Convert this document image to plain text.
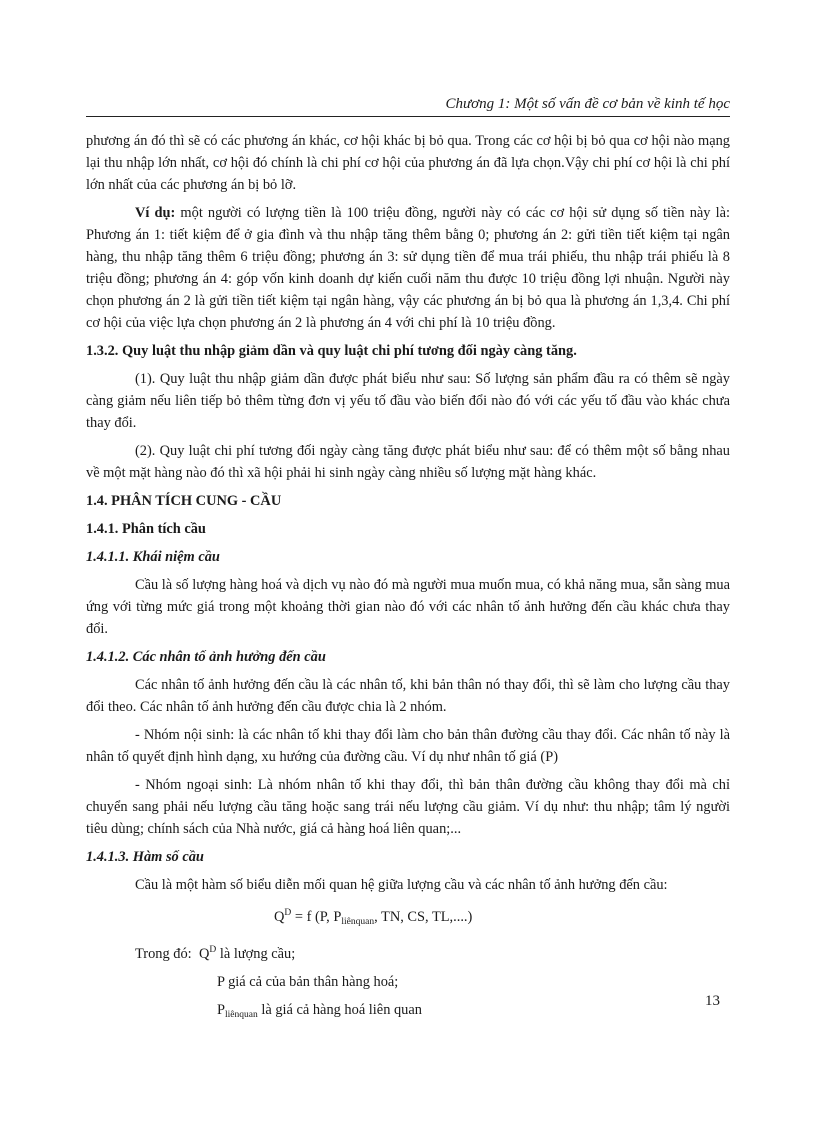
Chương 1: Một số vấn đề cơ bản về kinh tế học

phương án đó thì sẽ có các phương án khác, cơ hội khác bị bỏ qua. Trong các cơ hội bị bỏ qua cơ hội nào mạng lại thu nhập lớn nhất, cơ hội đó chính là chi phí cơ hội của phương án đã lựa chọn.Vậy chi phí cơ hội là chi phí lớn nhất của các phương án bị bỏ lỡ.

Ví dụ: một người có lượng tiền là 100 triệu đồng, người này có các cơ hội sử dụng số tiền này là: Phương án 1: tiết kiệm để ở gia đình và thu nhập tăng thêm bằng 0; phương án 2: gửi tiền tiết kiệm tại ngân hàng, thu nhập tăng thêm 6 triệu đồng; phương án 3: sử dụng tiền để mua trái phiếu, thu nhập trái phiếu là 8 triệu đồng; phương án 4: góp vốn kinh doanh dự kiến cuối năm thu được 10 triệu đồng lợi nhuận. Người này chọn phương án 2 là gửi tiền tiết kiệm tại ngân hàng, vậy các phương án bị bỏ qua là phương án 1,3,4. Chi phí cơ hội của việc lựa chọn phương án 2 là phương án 4 với chi phí là 10 triệu đồng.

1.3.2. Quy luật thu nhập giảm dần và quy luật chi phí tương đối ngày càng tăng.

(1). Quy luật thu nhập giảm dần được phát biểu như sau: Số lượng sản phẩm đầu ra có thêm sẽ ngày càng giảm nếu liên tiếp bỏ thêm từng đơn vị yếu tố đầu vào biến đổi nào đó với các yếu tố đầu vào khác chưa thay đổi.

(2). Quy luật chi phí tương đối ngày càng tăng được phát biểu như sau: để có thêm một số bằng nhau về một mặt hàng nào đó thì xã hội phải hi sinh ngày càng nhiều số lượng mặt hàng khác.

1.4. PHÂN TÍCH CUNG - CẦU

1.4.1. Phân tích cầu

1.4.1.1. Khái niệm cầu

Cầu là số lượng hàng hoá và dịch vụ nào đó mà người mua muốn mua, có khả năng mua, sẵn sàng mua ứng với từng mức giá trong một khoảng thời gian nào đó với các nhân tố ảnh hưởng đến cầu khác chưa thay đổi.

1.4.1.2. Các nhân tố ảnh hưởng đến cầu

Các nhân tố ảnh hưởng đến cầu là các nhân tố, khi bản thân nó thay đổi, thì sẽ làm cho lượng cầu thay đổi theo. Các nhân tố ảnh hưởng đến cầu được chia là 2 nhóm.

- Nhóm nội sinh: là các nhân tố khi thay đổi làm cho bản thân đường cầu thay đổi. Các nhân tố này là nhân tố quyết định hình dạng, xu hướng của đường cầu. Ví dụ như nhân tố giá (P)

- Nhóm ngoại sinh: Là nhóm nhân tố khi thay đổi, thì bản thân đường cầu không thay đổi mà chỉ chuyển sang phải nếu lượng cầu tăng hoặc sang trái nếu lượng cầu giảm. Ví dụ như: thu nhập; tâm lý người tiêu dùng; chính sách của Nhà nước, giá cả hàng hoá liên quan;...

1.4.1.3. Hàm số cầu

Cầu là một hàm số biểu diễn mối quan hệ giữa lượng cầu và các nhân tố ảnh hưởng đến cầu:

$Q^D = f$ (P, $P_{liênquan}$, TN, CS, TL,....)

Trong đó: $Q^D$ là lượng cầu;

P giá cả của bản thân hàng hoá;

$P_{liênquan}$ là giá cả hàng hoá liên quan

13
